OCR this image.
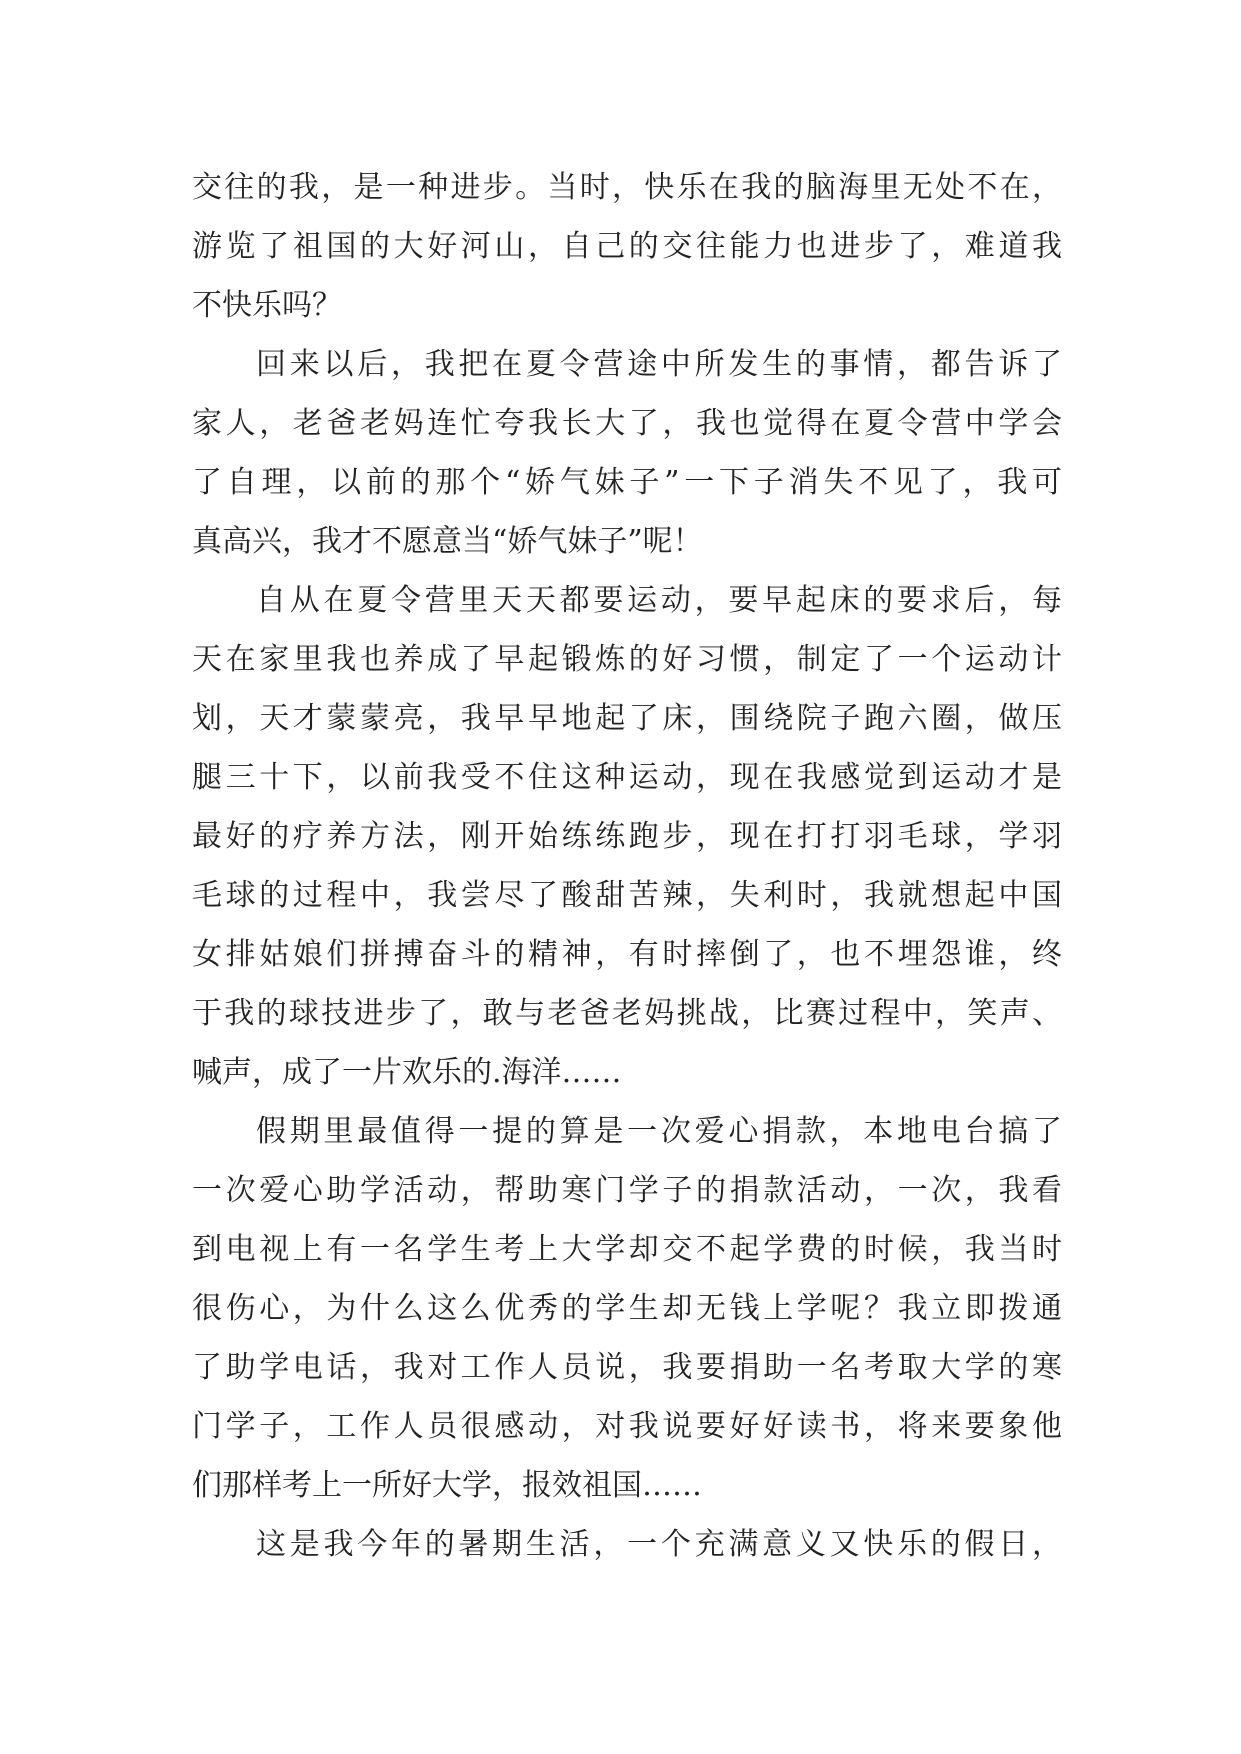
交往的我，是一种进步。当时，快乐在我的脑海里无处不在，
游览了祖国的大好河山，自己的交往能力也进步了，难道我
不快乐吗？
回来以后，我把在夏令营途中所发生的事情，都告诉了
家人，老爸老妈连忙夸我长大了，我也觉得在夏令营中学会
了自理，以前的那个“娇气妹子”一下子消失不见了，我可
真高兴，我才不愿意当“娇气妹子”呢！
自从在夏令营里天天都要运动，要早起床的要求后，每
天在家里我也养成了早起锻炼的好习惯，制定了一个运动计
划，天才蒙蒙亮，我早早地起了床，围绕院子跑六圈，做压
腿三十下，以前我受不住这种运动，现在我感觉到运动才是
最好的疗养方法，刚开始练练跑步，现在打打羽毛球，学羽
毛球的过程中，我尝尽了酸甜苦辣，失利时，我就想起中国
女排姑娘们拼搏奋斗的精神，有时摔倒了，也不埋怨谁，终
于我的球技进步了，敢与老爸老妈挑战，比赛过程中，笑声、
喊声，成了一片欢乐的.海洋……
假期里最值得一提的算是一次爱心捐款，本地电台搞了
一次爱心助学活动，帮助寒门学子的捐款活动，一次，我看
到电视上有一名学生考上大学却交不起学费的时候，我当时
很伤心，为什么这么优秀的学生却无钱上学呢？我立即拨通
了助学电话，我对工作人员说，我要捐助一名考取大学的寒
门学子，工作人员很感动，对我说要好好读书，将来要象他
们那样考上一所好大学，报效祖国……
这是我今年的暑期生活，一个充满意义又快乐的假日，
